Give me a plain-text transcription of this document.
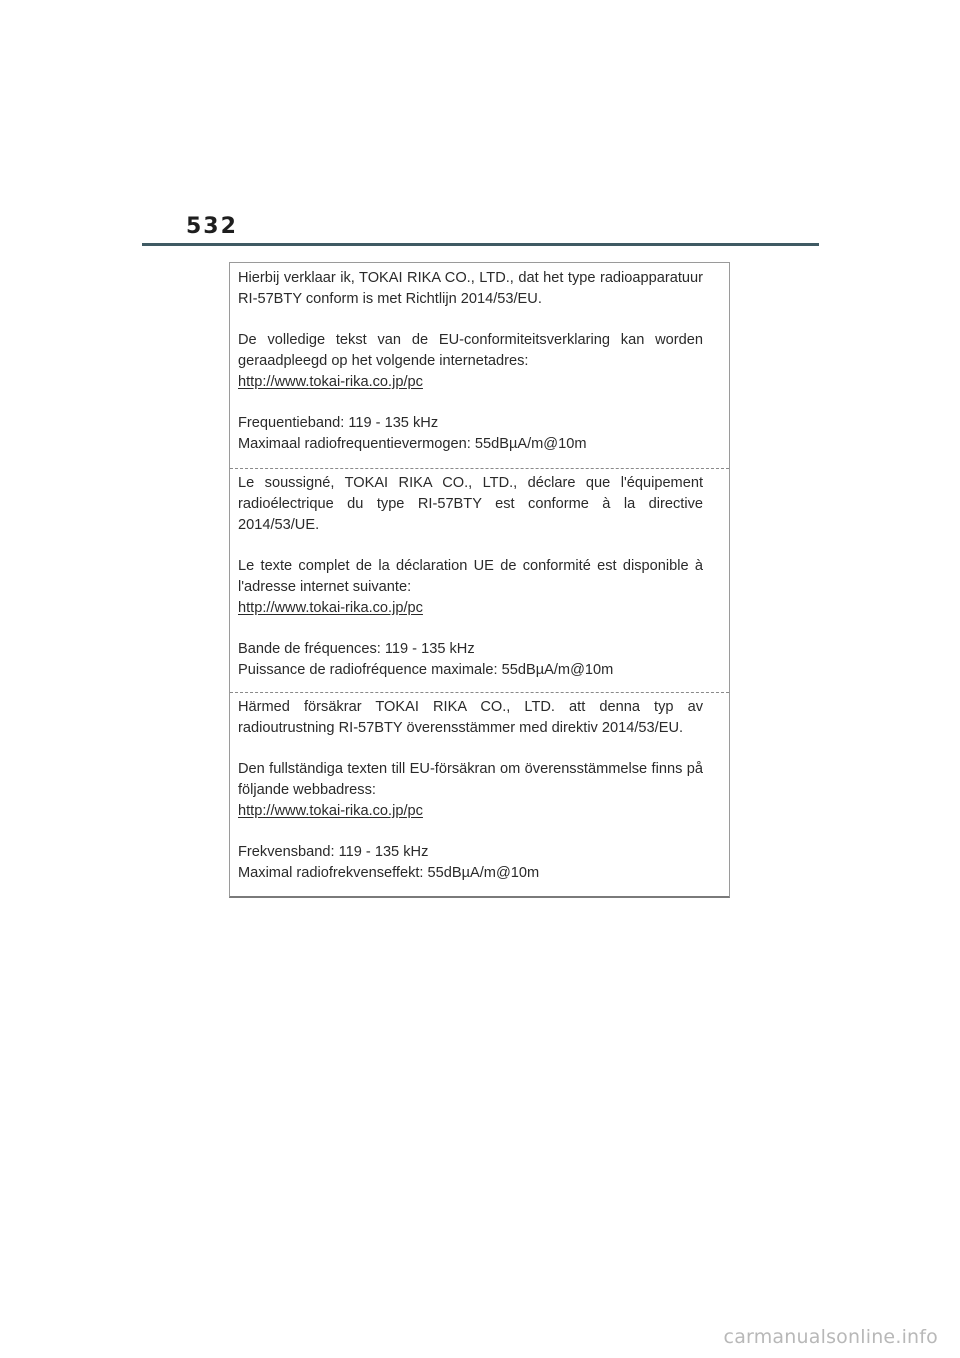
532

Hierbij verklaar ik, TOKAI RIKA CO., LTD., dat het type radioapparatuur RI-57BTY conform is met Richtlijn 2014/53/EU.

De volledige tekst van de EU-conformiteitsverklaring kan worden geraadpleegd op het volgende internetadres:

http://www.tokai-rika.co.jp/pc
Frequentieband: 119 - 135 kHz
Maximaal radiofrequentievermogen: 55dBµA/m@10m

Le soussigné, TOKAI RIKA CO., LTD., déclare que l'équipement radioélectrique du type RI-57BTY est conforme à la directive 2014/53/UE.

Le texte complet de la déclaration UE de conformité est disponible à l'adresse internet suivante:

http://www.tokai-rika.co.jp/pc
Bande de fréquences: 119 - 135 kHz
Puissance de radiofréquence maximale: 55dBµA/m@10m

Härmed försäkrar TOKAI RIKA CO., LTD. att denna typ av radioutrustning RI-57BTY överensstämmer med direktiv 2014/53/EU.

Den fullständiga texten till EU-försäkran om överensstämmelse finns på följande webbadress:

http://www.tokai-rika.co.jp/pc
Frekvensband: 119 - 135 kHz
Maximal radiofrekvenseffekt: 55dBµA/m@10m
carmanualsonline.info
